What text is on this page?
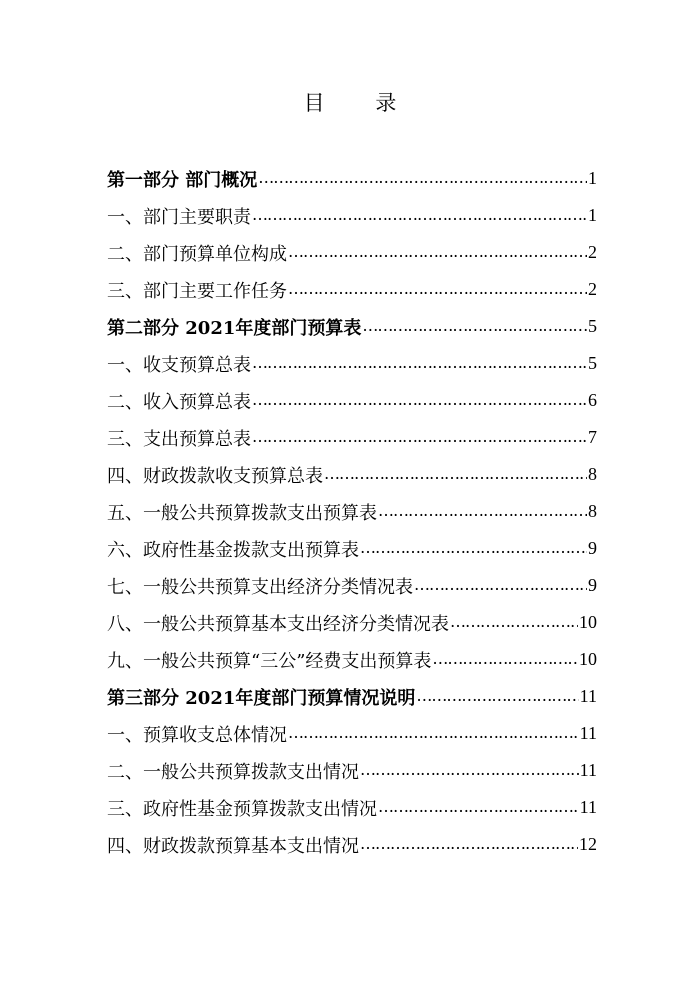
目 录
第一部分 部门概况 …………………………………………………………………………………………………………………	1
一、部门主要职责 …………………………………………………………………………………………………………………	1
二、部门预算单位构成 …………………………………………………………………………………………………………………	2
三、部门主要工作任务 …………………………………………………………………………………………………………………	2
第二部分 2021年度部门预算表 …………………………………………………………………………………………………………………	5
一、收支预算总表 …………………………………………………………………………………………………………………	5
二、收入预算总表 …………………………………………………………………………………………………………………	6
三、支出预算总表 …………………………………………………………………………………………………………………	7
四、财政拨款收支预算总表 …………………………………………………………………………………………………………………	8
五、一般公共预算拨款支出预算表 …………………………………………………………………………………………………………………	8
六、政府性基金拨款支出预算表 …………………………………………………………………………………………………………………	9
七、一般公共预算支出经济分类情况表 …………………………………………………………………………………………………………………	9
八、一般公共预算基本支出经济分类情况表 …………………………………………………………………………………………………………………	10
九、一般公共预算“三公”经费支出预算表 …………………………………………………………………………………………………………………	10
第三部分 2021年度部门预算情况说明 …………………………………………………………………………………………………………………	11
一、预算收支总体情况 …………………………………………………………………………………………………………………	11
二、一般公共预算拨款支出情况 …………………………………………………………………………………………………………………	11
三、政府性基金预算拨款支出情况 …………………………………………………………………………………………………………………	11
四、财政拨款预算基本支出情况 …………………………………………………………………………………………………………………	12
